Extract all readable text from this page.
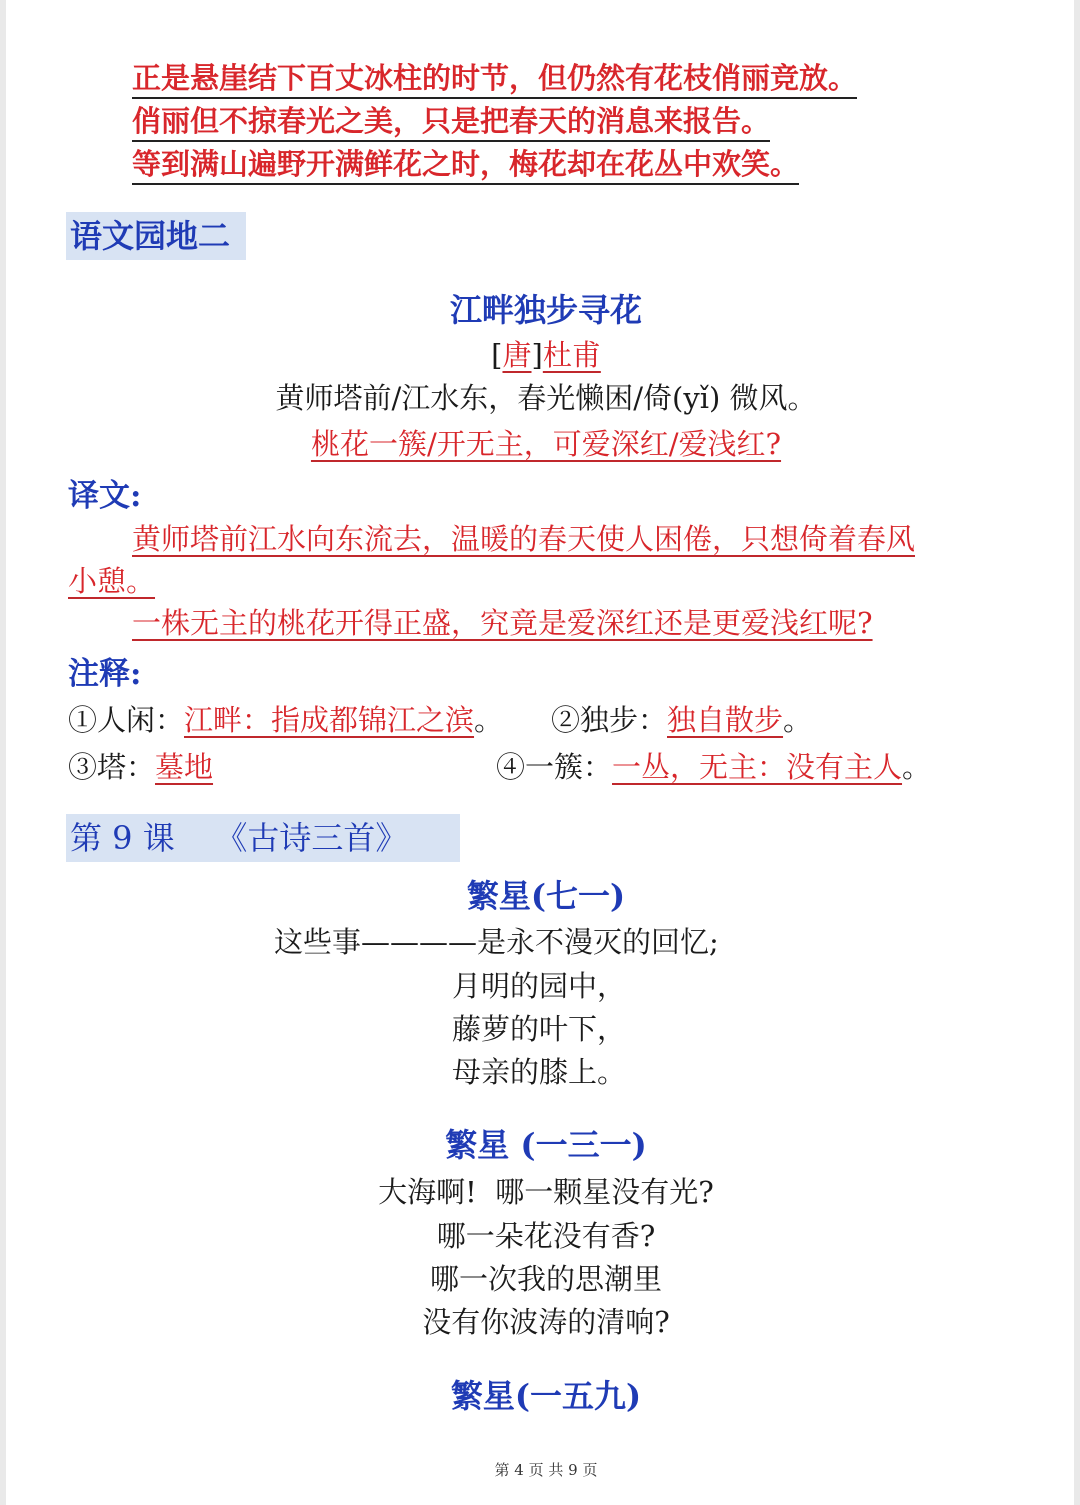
正是悬崖结下百丈冰柱的时节，但仍然有花枝俏丽竞放。
俏丽但不掠春光之美，只是把春天的消息来报告。
等到满山遍野开满鲜花之时，梅花却在花丛中欢笑。
语文园地二
江畔独步寻花
[唐]杜甫
黄师塔前/江水东，春光懒困/倚(yǐ) 微风。
桃花一簇/开无主，可爱深红/爱浅红?
译文:
黄师塔前江水向东流去，温暖的春天使人困倦，只想倚着春风
小憩。
一株无主的桃花开得正盛，究竟是爱深红还是更爱浅红呢?
注释:
①人闲：江畔：指成都锦江之滨。 ②独步：独自散步。
③塔：墓地	④一簇：一丛，无主：没有主人。
第 9 课    《古诗三首》
繁星(七一)
这些事————是永不漫灭的回忆;
月明的园中，
藤萝的叶下，
母亲的膝上。
繁星 (一三一)
大海啊!  哪一颗星没有光?
哪一朵花没有香?
哪一次我的思潮里
没有你波涛的清响?
繁星(一五九)
第 4 页 共 9 页
